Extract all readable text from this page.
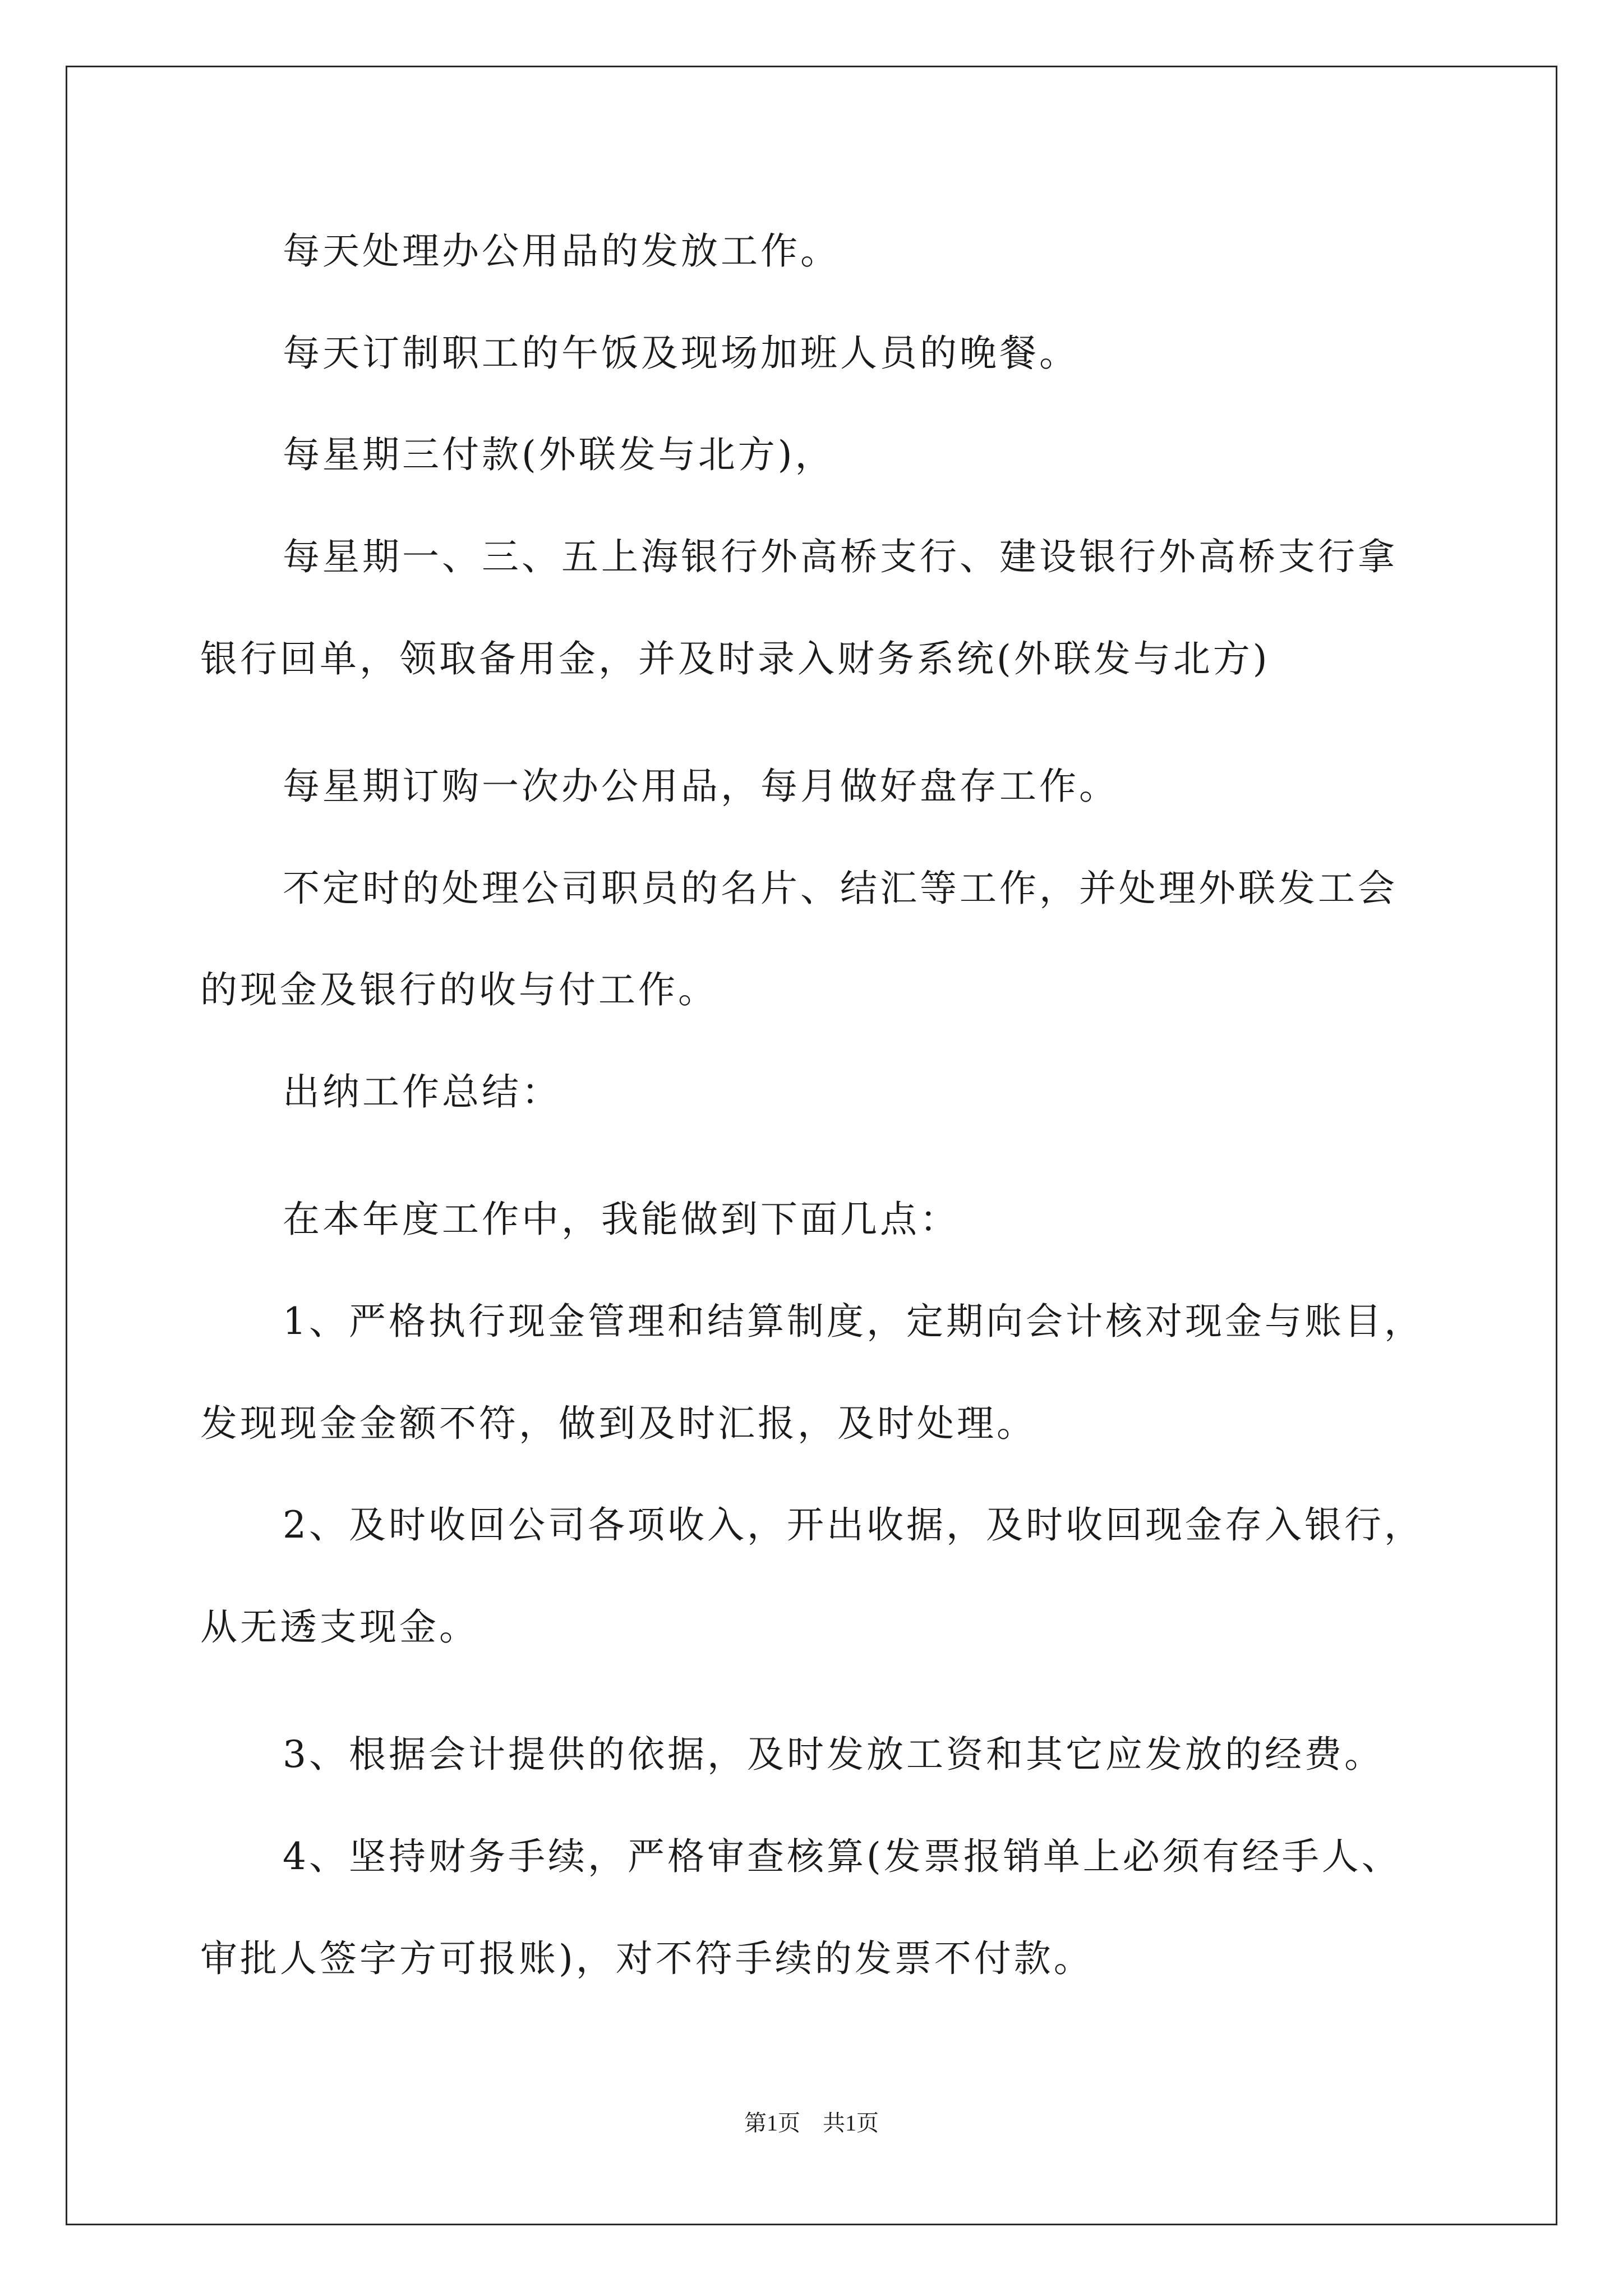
每天处理办公用品的发放工作。
每天订制职工的午饭及现场加班人员的晚餐。
每星期三付款(外联发与北方)，
每星期一、三、五上海银行外高桥支行、建设银行外高桥支行拿
银行回单，领取备用金，并及时录入财务系统(外联发与北方)
每星期订购一次办公用品，每月做好盘存工作。
不定时的处理公司职员的名片、结汇等工作，并处理外联发工会
的现金及银行的收与付工作。
出纳工作总结：
在本年度工作中，我能做到下面几点：
1、严格执行现金管理和结算制度，定期向会计核对现金与账目，
发现现金金额不符，做到及时汇报，及时处理。
2、及时收回公司各项收入，开出收据，及时收回现金存入银行，
从无透支现金。
3、根据会计提供的依据，及时发放工资和其它应发放的经费。
4、坚持财务手续，严格审查核算(发票报销单上必须有经手人、
审批人签字方可报账)，对不符手续的发票不付款。
第1页　共1页
